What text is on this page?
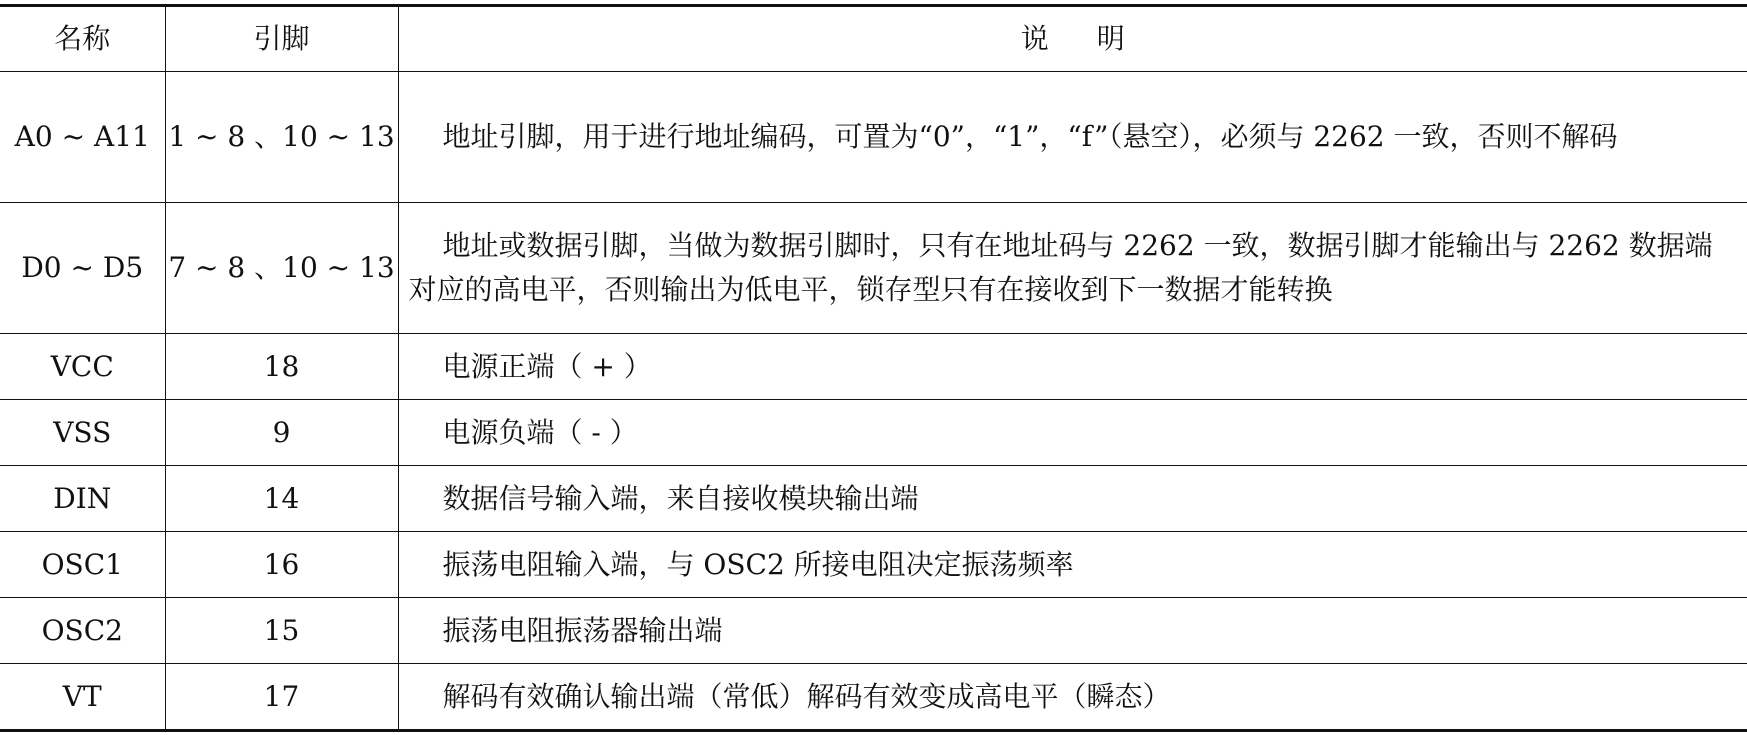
名称	引脚	说明
A0 ~ A11	1 ~ 8 、10 ~ 13	地址引脚，用于进行地址编码，可置为“0”，“1”，“f”（悬空），必须与 2262 一致，否则不解码
D0 ~ D5	7 ~ 8 、10 ~ 13	地址或数据引脚，当做为数据引脚时，只有在地址码与 2262 一致，数据引脚才能输出与 2262 数据端对应的高电平，否则输出为低电平，锁存型只有在接收到下一数据才能转换
VCC	18	电源正端（ + ）
VSS	9	电源负端（ - ）
DIN	14	数据信号输入端，来自接收模块输出端
OSC1	16	振荡电阻输入端，与 OSC2 所接电阻决定振荡频率
OSC2	15	振荡电阻振荡器输出端
VT	17	解码有效确认输出端（常低）解码有效变成高电平（瞬态）
